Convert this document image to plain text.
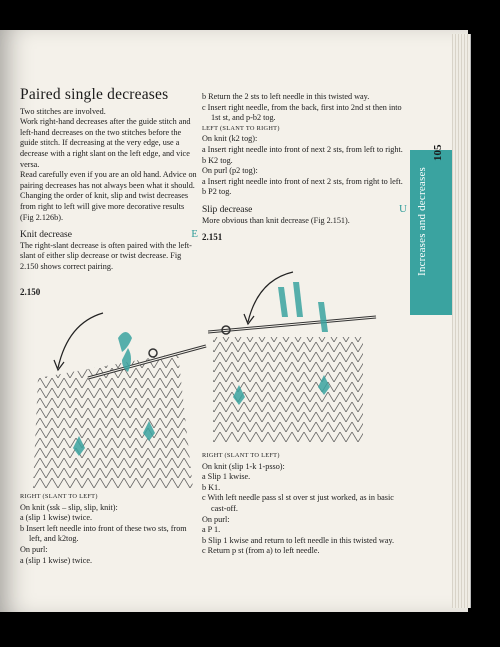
Paired single decreases

Two stitches are involved.

Work right-hand decreases after the guide stitch and left-hand decreases on the two stitches before the guide stitch. If decreasing at the very edge, use a decrease with a right slant on the left edge, and vice versa.

Read carefully even if you are an old hand. Advice on pairing decreases has not always been what it should.

Changing the order of knit, slip and twist decreases from right to left will give more decorative results (Fig 2.126b).

Knit decrease	E

The right-slant decrease is often paired with the left-slant of either slip decrease or twist decrease. Fig 2.150 shows correct pairing.

2.150

RIGHT (SLANT TO LEFT)

On knit (ssk – slip, slip, knit):

a (slip 1 kwise) twice.

b Insert left needle into front of these two sts, from left, and k2tog.

On purl:

a (slip 1 kwise) twice.

b Return the 2 sts to left needle in this twisted way.

c Insert right needle, from the back, first into 2nd st then into 1st st, and p-b2 tog.

LEFT (SLANT TO RIGHT)

On knit (k2 tog):

a Insert right needle into front of next 2 sts, from left to right.

b K2 tog.

On purl (p2 tog):

a Insert right needle into front of next 2 sts, from right to left.

b P2 tog.

Slip decrease	U

More obvious than knit decrease (Fig 2.151).

2.151

RIGHT (SLANT TO LEFT)

On knit (slip 1-k 1-psso):

a Slip 1 kwise.

b K1.

c With left needle pass sl st over st just worked, as in basic cast-off.

On purl:

a P 1.

b Slip 1 kwise and return to left needle in this twisted way.

c Return p st (from a) to left needle.

Increases and decreases
105
